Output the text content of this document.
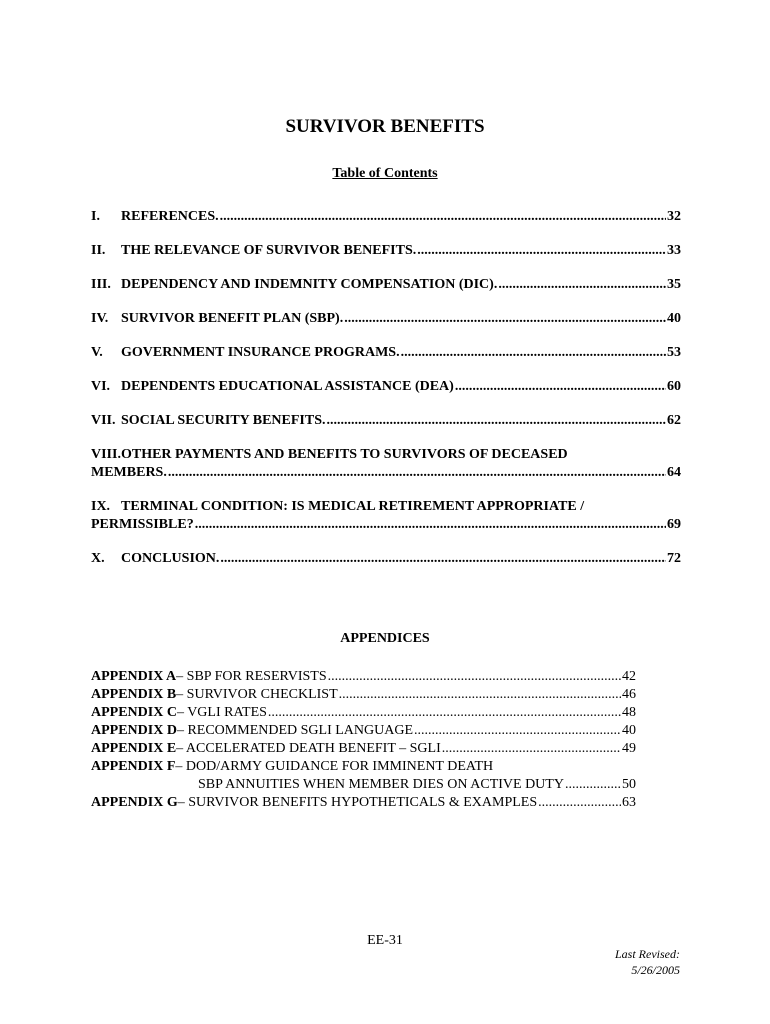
SURVIVOR BENEFITS
Table of Contents
I.	REFERENCES. .....	32
II.	THE RELEVANCE OF SURVIVOR BENEFITS. .....	33
III. DEPENDENCY AND INDEMNITY COMPENSATION (DIC). .....	35
IV. SURVIVOR BENEFIT PLAN (SBP). .....	40
V.	GOVERNMENT INSURANCE PROGRAMS. .....	53
VI. DEPENDENTS EDUCATIONAL ASSISTANCE (DEA) .....	60
VII. SOCIAL SECURITY BENEFITS. .....	62
VIII. OTHER PAYMENTS AND BENEFITS TO SURVIVORS OF DECEASED
MEMBERS. .....	64
IX. TERMINAL CONDITION: IS MEDICAL RETIREMENT APPROPRIATE /
PERMISSIBLE? .....	69
X.	CONCLUSION. .....	72
APPENDICES
APPENDIX A – SBP FOR RESERVISTS .....	42
APPENDIX B – SURVIVOR CHECKLIST .....	46
APPENDIX C – VGLI RATES .....	48
APPENDIX D – RECOMMENDED SGLI LANGUAGE .....	40
APPENDIX E – ACCELERATED DEATH BENEFIT – SGLI .....	49
APPENDIX F – DOD/ARMY GUIDANCE FOR IMMINENT DEATH
SBP ANNUITIES WHEN MEMBER DIES ON ACTIVE DUTY .....	50
APPENDIX G – SURVIVOR BENEFITS HYPOTHETICALS & EXAMPLES .....	63
EE-31
Last Revised:
5/26/2005
